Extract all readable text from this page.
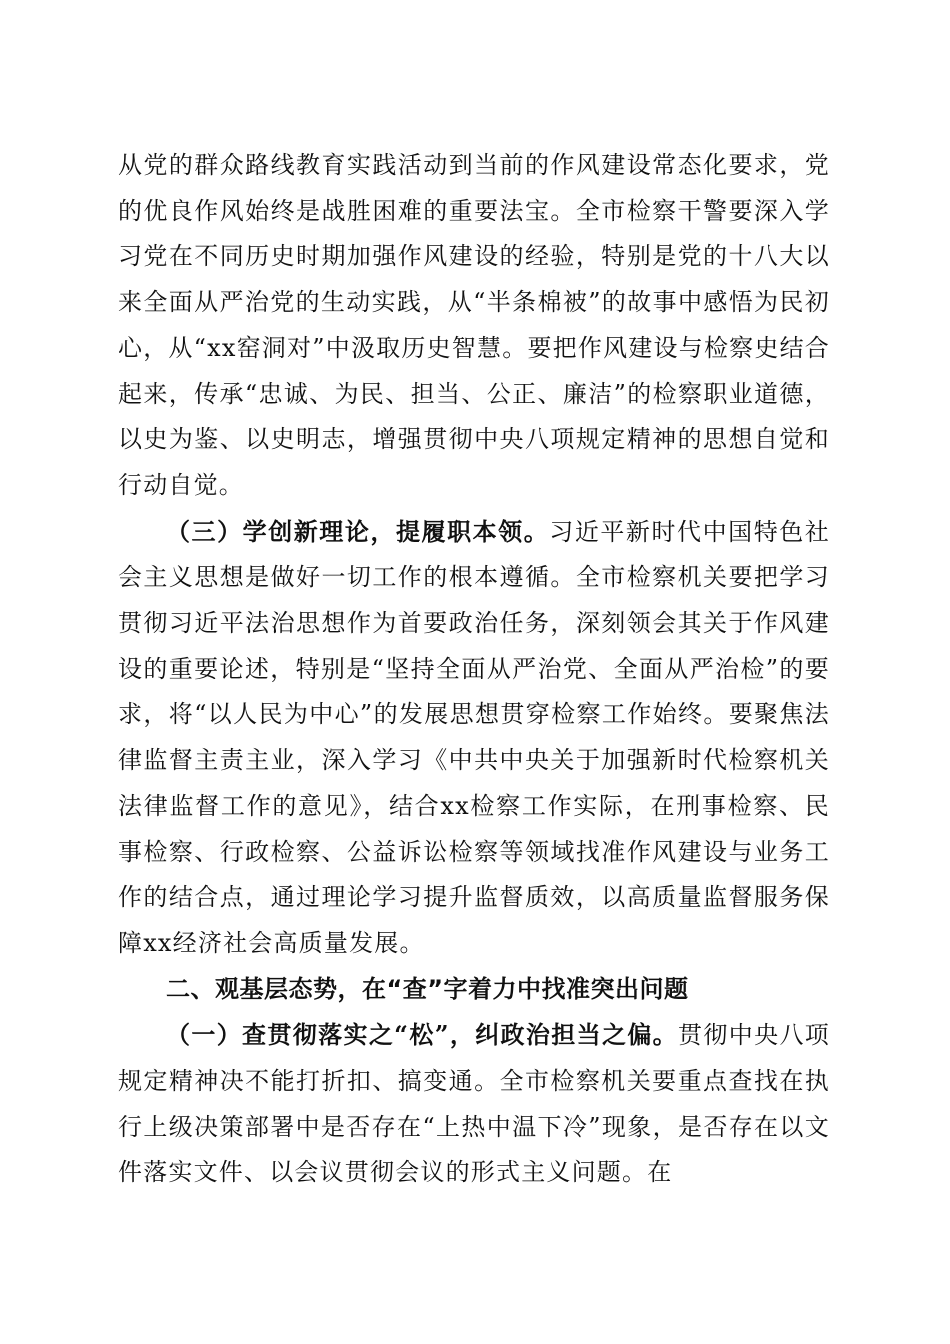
从党的群众路线教育实践活动到当前的作风建设常态化要求，党的优良作风始终是战胜困难的重要法宝。全市检察干警要深入学习党在不同历史时期加强作风建设的经验，特别是党的十八大以来全面从严治党的生动实践，从“半条棉被”的故事中感悟为民初心，从“xx窑洞对”中汲取历史智慧。要把作风建设与检察史结合起来，传承“忠诚、为民、担当、公正、廉洁”的检察职业道德，以史为鉴、以史明志，增强贯彻中央八项规定精神的思想自觉和行动自觉。

（三）学创新理论，提履职本领。习近平新时代中国特色社会主义思想是做好一切工作的根本遵循。全市检察机关要把学习贯彻习近平法治思想作为首要政治任务，深刻领会其关于作风建设的重要论述，特别是“坚持全面从严治党、全面从严治检”的要求，将“以人民为中心”的发展思想贯穿检察工作始终。要聚焦法律监督主责主业，深入学习《中共中央关于加强新时代检察机关法律监督工作的意见》，结合xx检察工作实际，在刑事检察、民事检察、行政检察、公益诉讼检察等领域找准作风建设与业务工作的结合点，通过理论学习提升监督质效，以高质量监督服务保障xx经济社会高质量发展。

二、观基层态势，在“查”字着力中找准突出问题

（一）查贯彻落实之“松”，纠政治担当之偏。贯彻中央八项规定精神决不能打折扣、搞变通。全市检察机关要重点查找在执行上级决策部署中是否存在“上热中温下冷”现象，是否存在以文件落实文件、以会议贯彻会议的形式主义问题。在
